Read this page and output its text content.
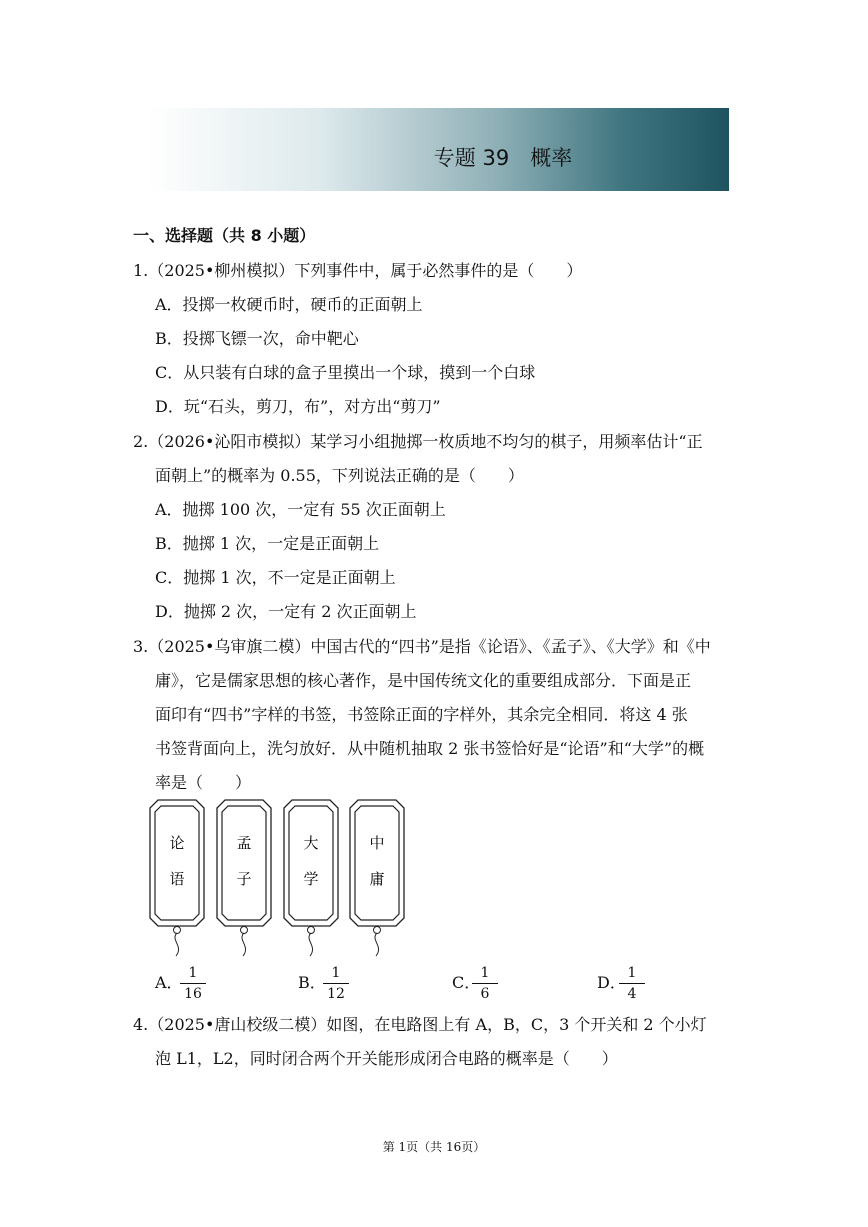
专题 39　概率
一、选择题（共 8 小题）
1.（2025•柳州模拟）下列事件中，属于必然事件的是（　　）
A．投掷一枚硬币时，硬币的正面朝上
B．投掷飞镖一次，命中靶心
C．从只装有白球的盒子里摸出一个球，摸到一个白球
D．玩“石头，剪刀，布”，对方出“剪刀”
2.（2026•沁阳市模拟）某学习小组抛掷一枚质地不均匀的棋子，用频率估计“正
面朝上”的概率为 0.55，下列说法正确的是（　　）
A．抛掷 100 次，一定有 55 次正面朝上
B．抛掷 1 次，一定是正面朝上
C．抛掷 1 次，不一定是正面朝上
D．抛掷 2 次，一定有 2 次正面朝上
3.（2025•乌审旗二模）中国古代的“四书”是指《论语》、《孟子》、《大学》和《中
庸》，它是儒家思想的核心著作，是中国传统文化的重要组成部分．下面是正
面印有“四书”字样的书签，书签除正面的字样外，其余完全相同．将这 4 张
书签背面向上，洗匀放好．从中随机抽取 2 张书签恰好是“论语”和“大学”的概
率是（　　）
论
语
孟
子
大
学
中
庸
A． 1
16
B． 1
12
C． 1
6
D． 1
4
4.（2025•唐山校级二模）如图，在电路图上有 A，B，C，3 个开关和 2 个小灯
泡 L1，L2，同时闭合两个开关能形成闭合电路的概率是（　　）
第 1页（共 16页）
